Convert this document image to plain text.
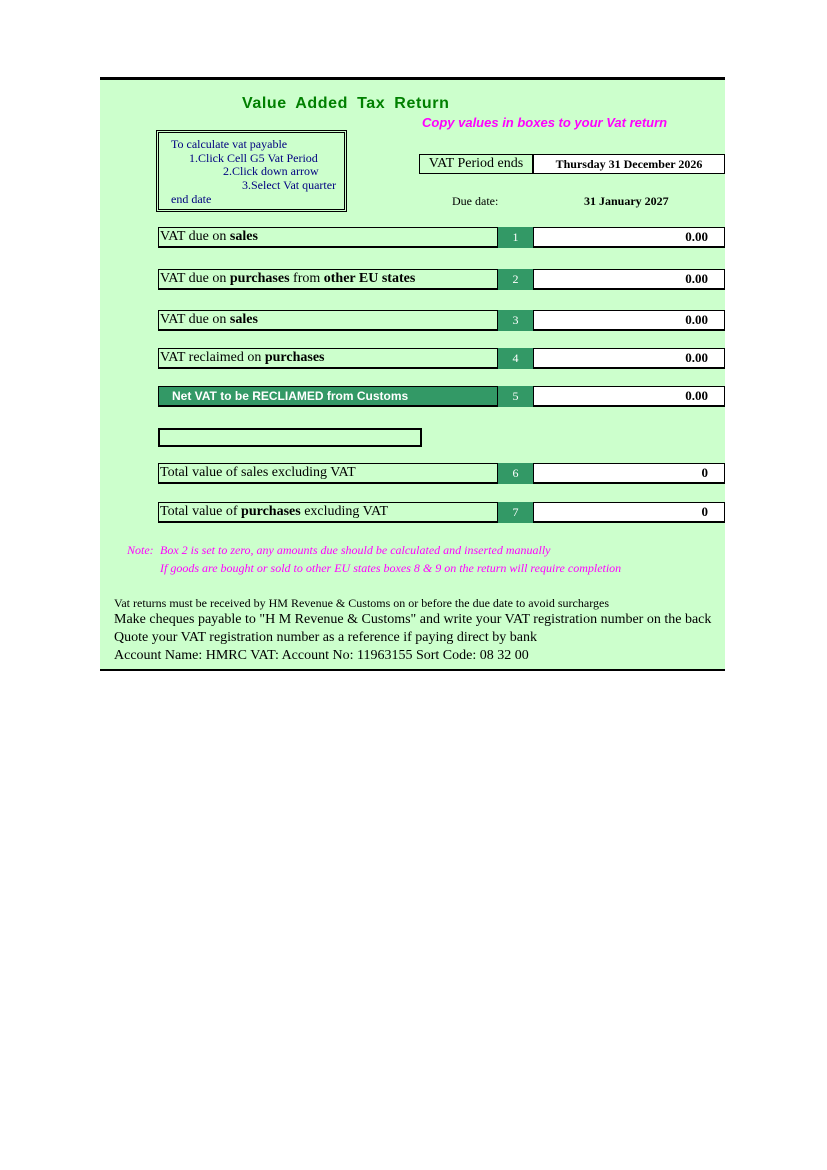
Value Added Tax Return
Copy values in boxes to your Vat return
To calculate vat payable
1.Click Cell G5 Vat Period
2.Click down arrow
3.Select Vat quarter
end date
VAT Period ends	Thursday 31 December 2026
Due date:	31 January 2027
VAT due on sales	1	0.00
VAT due on purchases from other EU states	2	0.00
VAT due on sales	3	0.00
VAT reclaimed on purchases	4	0.00
Net VAT to be RECLIAMED from Customs	5	0.00
Total value of sales excluding VAT	6	0
Total value of purchases excluding VAT	7	0
Note: Box 2 is set to zero, any amounts due should be calculated and inserted manually
If goods are bought or sold to other EU states boxes 8 & 9 on the return will require completion
Vat returns must be received by HM Revenue & Customs on or before the due date to avoid surcharges
Make cheques payable to "H M Revenue & Customs" and write your VAT registration number on the back
Quote your VAT registration number as a reference if paying direct by bank
Account Name: HMRC VAT: Account No: 11963155 Sort Code: 08 32 00
